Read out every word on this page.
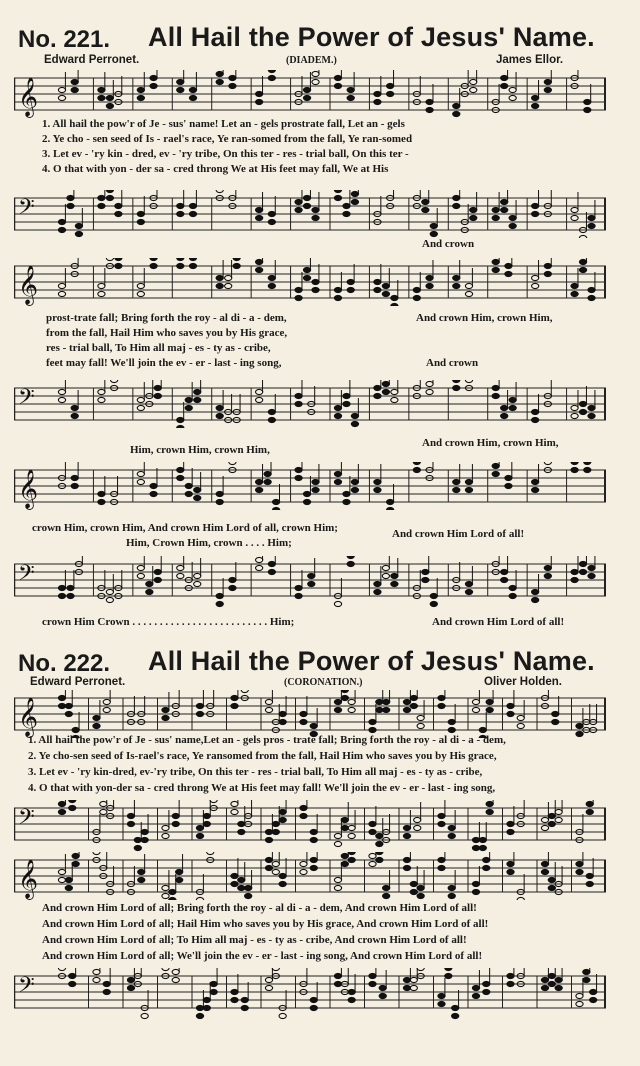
No. 221. All Hail the Power of Jesus' Name.
Edward Perronet.	(DIADEM.)	James Ellor.
𝄞
1. All hail the pow'r of Je - sus' name! Let an - gels prostrate fall, Let an - gels
2. Ye cho - sen seed of Is - rael's race, Ye ran-somed from the fall, Ye ran-somed
3. Let ev - 'ry kin - dred, ev - 'ry tribe, On this ter - res - trial ball, On this ter -
4. O that with yon - der sa - cred throng We at His feet may fall, We at His
𝄢
And crown
𝄞
prost-trate fall; Bring forth the roy - al di - a - dem,
from the fall, Hail Him who saves you by His grace,
res - trial ball, To Him all maj - es - ty as - cribe,
feet may fall! We'll join the ev - er - last - ing song,
And crown Him, crown Him,
And crown
𝄢
Him, crown Him, crown Him,
And crown Him, crown Him,
𝄞
crown Him, crown Him, And crown Him Lord of all, crown Him;	And crown Him Lord of all!
Him, Crown Him, crown . . . . Him;
𝄢
crown Him Crown . . . . . . . . . . . . . . . . . . . . . . . . . Him;	And crown Him Lord of all!
No. 222. All Hail the Power of Jesus' Name.
Edward Perronet.	(CORONATION.)	Oliver Holden.
𝄞
1. All hail the pow'r of Je - sus' name,Let an - gels pros - trate fall; Bring forth the roy - al di - a - dem,
2. Ye cho-sen seed of Is-rael's race, Ye ransomed from the fall, Hail Him who saves you by His grace,
3. Let ev - 'ry kin-dred, ev-'ry tribe, On this ter - res - trial ball, To Him all maj - es - ty as - cribe,
4. O that with yon-der sa - cred throng We at His feet may fall! We'll join the ev - er - last - ing song,
𝄢
𝄞
And crown Him Lord of all; Bring forth the roy - al di - a - dem, And crown Him Lord of all!
And crown Him Lord of all; Hail Him who saves you by His grace, And crown Him Lord of all!
And crown Him Lord of all; To Him all maj - es - ty as - cribe, And crown Him Lord of all!
And crown Him Lord of all; We'll join the ev - er - last - ing song, And crown Him Lord of all!
𝄢
